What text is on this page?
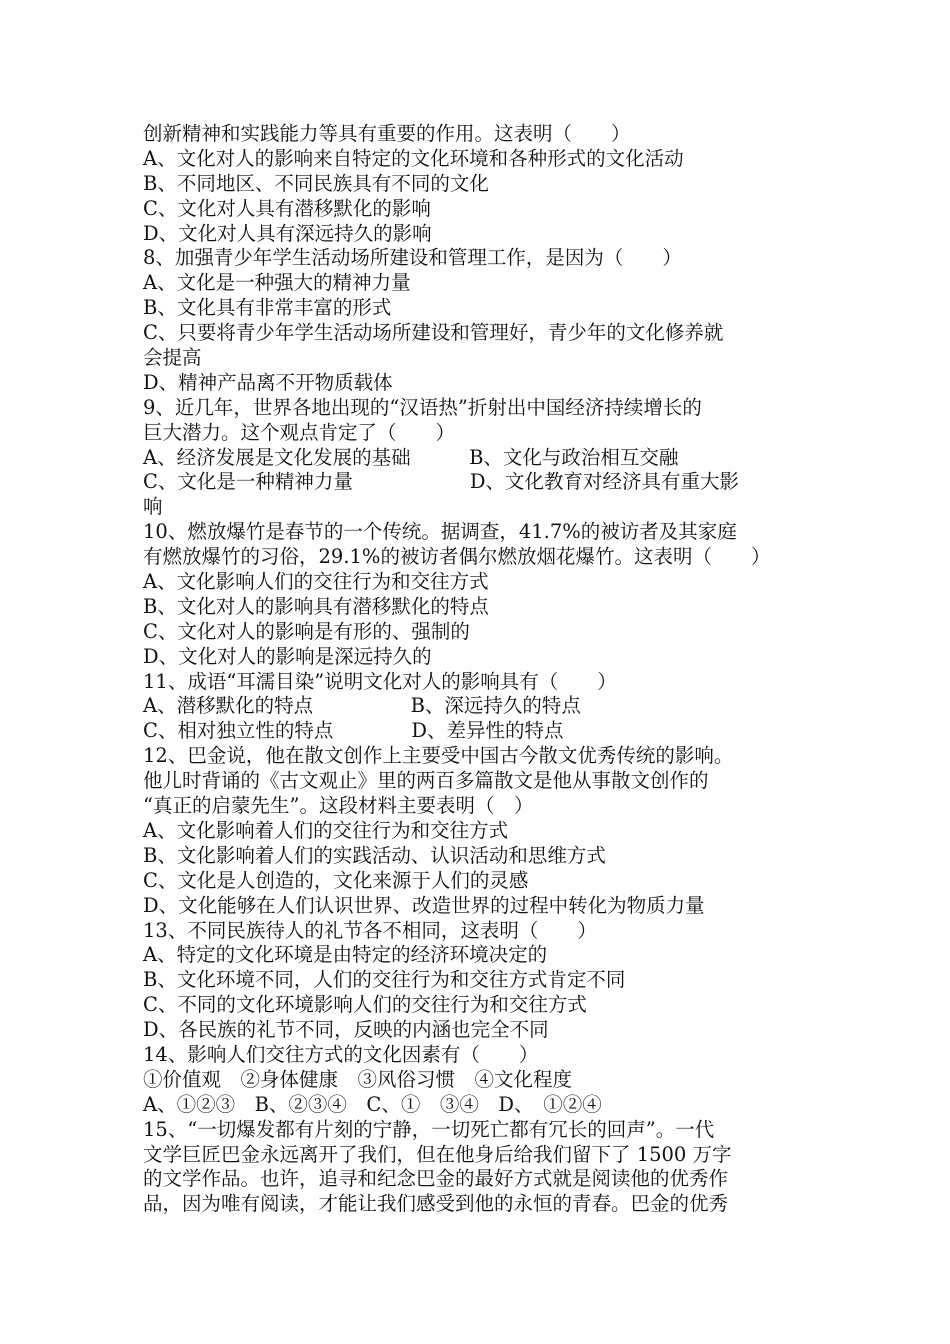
创新精神和实践能力等具有重要的作用。这表明（　　）
A、文化对人的影响来自特定的文化环境和各种形式的文化活动
B、不同地区、不同民族具有不同的文化
C、文化对人具有潜移默化的影响
D、文化对人具有深远持久的影响
8、加强青少年学生活动场所建设和管理工作，是因为（　　）
A、文化是一种强大的精神力量
B、文化具有非常丰富的形式
C、只要将青少年学生活动场所建设和管理好，青少年的文化修养就
会提高
D、精神产品离不开物质载体
9、近几年，世界各地出现的“汉语热”折射出中国经济持续增长的
巨大潜力。这个观点肯定了（　　）
A、经济发展是文化发展的基础　　　B、文化与政治相互交融
C、文化是一种精神力量　　　　　　D、文化教育对经济具有重大影
响
10、燃放爆竹是春节的一个传统。据调查，41.7%的被访者及其家庭
有燃放爆竹的习俗，29.1%的被访者偶尔燃放烟花爆竹。这表明（　　）
A、文化影响人们的交往行为和交往方式
B、文化对人的影响具有潜移默化的特点
C、文化对人的影响是有形的、强制的
D、文化对人的影响是深远持久的
11、成语“耳濡目染”说明文化对人的影响具有（　　）
A、潜移默化的特点　　　　　B、深远持久的特点
C、相对独立性的特点　　　　D、差异性的特点
12、巴金说，他在散文创作上主要受中国古今散文优秀传统的影响。
他儿时背诵的《古文观止》里的两百多篇散文是他从事散文创作的
“真正的启蒙先生”。这段材料主要表明（　）
A、文化影响着人们的交往行为和交往方式
B、文化影响着人们的实践活动、认识活动和思维方式
C、文化是人创造的，文化来源于人们的灵感
D、文化能够在人们认识世界、改造世界的过程中转化为物质力量
13、不同民族待人的礼节各不相同，这表明（　　）
A、特定的文化环境是由特定的经济环境决定的
B、文化环境不同，人们的交往行为和交往方式肯定不同
C、不同的文化环境影响人们的交往行为和交往方式
D、各民族的礼节不同，反映的内涵也完全不同
14、影响人们交往方式的文化因素有（　　）
①价值观　②身体健康　③风俗习惯　④文化程度
A、①②③　B、②③④　C、①　③④　D、　①②④
15、“一切爆发都有片刻的宁静，一切死亡都有冗长的回声”。一代
文学巨匠巴金永远离开了我们，但在他身后给我们留下了 1500 万字
的文学作品。也许，追寻和纪念巴金的最好方式就是阅读他的优秀作
品，因为唯有阅读，才能让我们感受到他的永恒的青春。巴金的优秀
